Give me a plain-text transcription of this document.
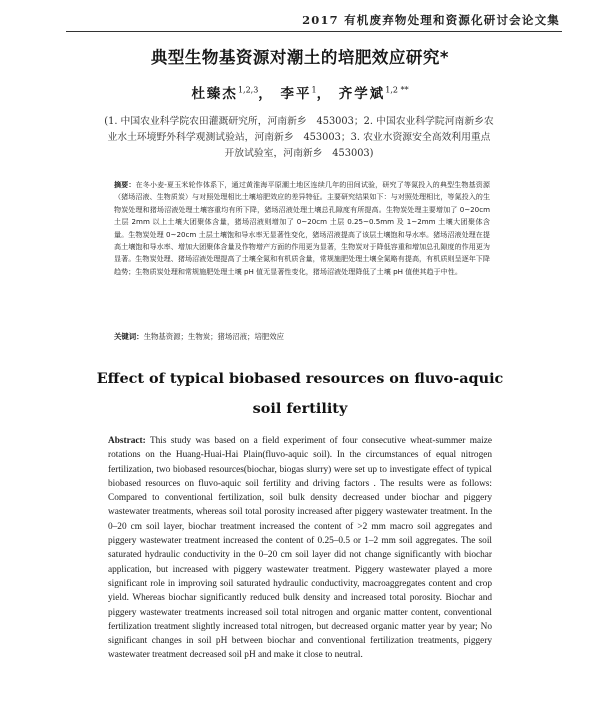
2017 有机废弃物处理和资源化研讨会论文集
典型生物基资源对潮土的培肥效应研究*
杜臻杰$^{1,2,3}$， 李平$^1$， 齐学斌$^{1,2 **}$
(1. 中国农业科学院农田灌溉研究所，河南新乡　453003；2. 中国农业科学院河南新乡农业水土环境野外科学观测试验站，河南新乡　453003；3. 农业水资源安全高效利用重点开放试验室，河南新乡　453003)
摘要：在冬小麦-夏玉米轮作体系下，通过黄淮海平原潮土地区连续几年的田间试验，研究了等氮投入的典型生物基资源（猪场沼液、生物质炭）与对照处理相比土壤培肥效应的差异特征。主要研究结果如下：与对照处理相比，等氮投入的生物炭处理和猪场沼液处理土壤容重均有所下降，猪场沼液处理土壤总孔隙度有所提高。生物炭处理主要增加了 0~20cm 土层 2mm 以上土壤大团聚体含量，猪场沼液则增加了 0~20cm 土层 0.25~0.5mm 及 1~2mm 土壤大团聚体含量。生物炭处理 0~20cm 土层土壤饱和导水率无显著性变化，猪场沼液提高了该层土壤饱和导水率。猪场沼液处理在提高土壤饱和导水率、增加大团聚体含量及作物增产方面的作用更为显著，生物炭对于降低容重和增加总孔隙度的作用更为显著。生物炭处理、猪场沼液处理提高了土壤全氮和有机质含量，常规施肥处理土壤全氮略有提高，有机质则呈逐年下降趋势；生物质炭处理和常规施肥处理土壤 pH 值无显著性变化，猪场沼液处理降低了土壤 pH 值使其趋于中性。
关键词：生物基资源；生物炭；猪场沼液；培肥效应
Effect of typical biobased resources on fluvo-aquic soil fertility
Abstract: This study was based on a field experiment of four consecutive wheat-summer maize rotations on the Huang-Huai-Hai Plain(fluvo-aquic soil). In the circumstances of equal nitrogen fertilization, two biobased resources(biochar, biogas slurry) were set up to investigate effect of typical biobased resources on fluvo-aquic soil fertility and driving factors . The results were as follows: Compared to conventional fertilization, soil bulk density decreased under biochar and piggery wastewater treatments, whereas soil total porosity increased after piggery wastewater treatment. In the 0–20 cm soil layer, biochar treatment increased the content of >2 mm macro soil aggregates and piggery wastewater treatment increased the content of 0.25–0.5 or 1–2 mm soil aggregates. The soil saturated hydraulic conductivity in the 0–20 cm soil layer did not change significantly with biochar application, but increased with piggery wastewater treatment. Piggery wastewater played a more significant role in improving soil saturated hydraulic conductivity, macroaggregates content and crop yield. Whereas biochar significantly reduced bulk density and increased total porosity. Biochar and piggery wastewater treatments increased soil total nitrogen and organic matter content, conventional fertilization treatment slightly increased total nitrogen, but decreased organic matter year by year; No significant changes in soil pH between biochar and conventional fertilization treatments, piggery wastewater treatment decreased soil pH and make it close to neutral.
